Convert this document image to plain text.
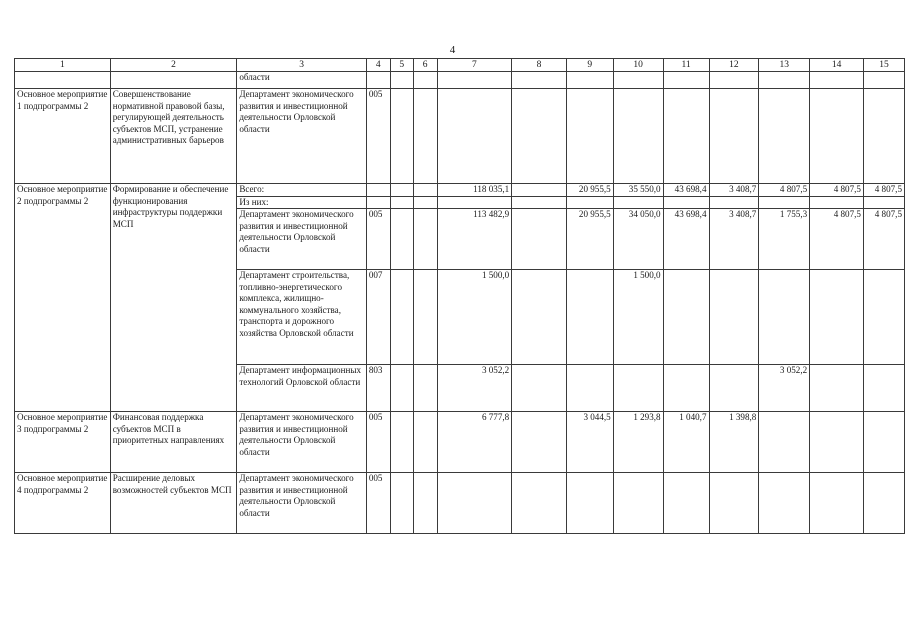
4
1	2	3	4	5	6	7	8	9	10	11	12	13	14	15
		области												
Основное мероприятие 1 подпрограммы 2	Совершенствование нормативной правовой базы, регулирующей деятельность субъектов МСП, устранение административных барьеров	Департамент экономического развития и инвестиционной деятельности Орловской области	005											
Основное мероприятие 2 подпрограммы 2	Формирование и обеспечение функционирования инфраструктуры поддержки МСП	Всего:				118 035,1		20 955,5	35 550,0	43 698,4	3 408,7	4 807,5	4 807,5	4 807,5
		Из них:												
		Департамент экономического развития и инвестиционной деятельности Орловской области	005			113 482,9		20 955,5	34 050,0	43 698,4	3 408,7	1 755,3	4 807,5	4 807,5
		Департамент строительства, топливно-энергетического комплекса, жилищно-коммунального хозяйства, транспорта и дорожного хозяйства Орловской области	007			1 500,0			1 500,0					
		Департамент информационных технологий Орловской области	803			3 052,2						3 052,2		
Основное мероприятие 3 подпрограммы 2	Финансовая поддержка субъектов МСП в приоритетных направлениях	Департамент экономического развития и инвестиционной деятельности Орловской области	005			6 777,8		3 044,5	1 293,8	1 040,7	1 398,8			
Основное мероприятие 4 подпрограммы 2	Расширение деловых возможностей субъектов МСП	Департамент экономического развития и инвестиционной деятельности Орловской области	005											
